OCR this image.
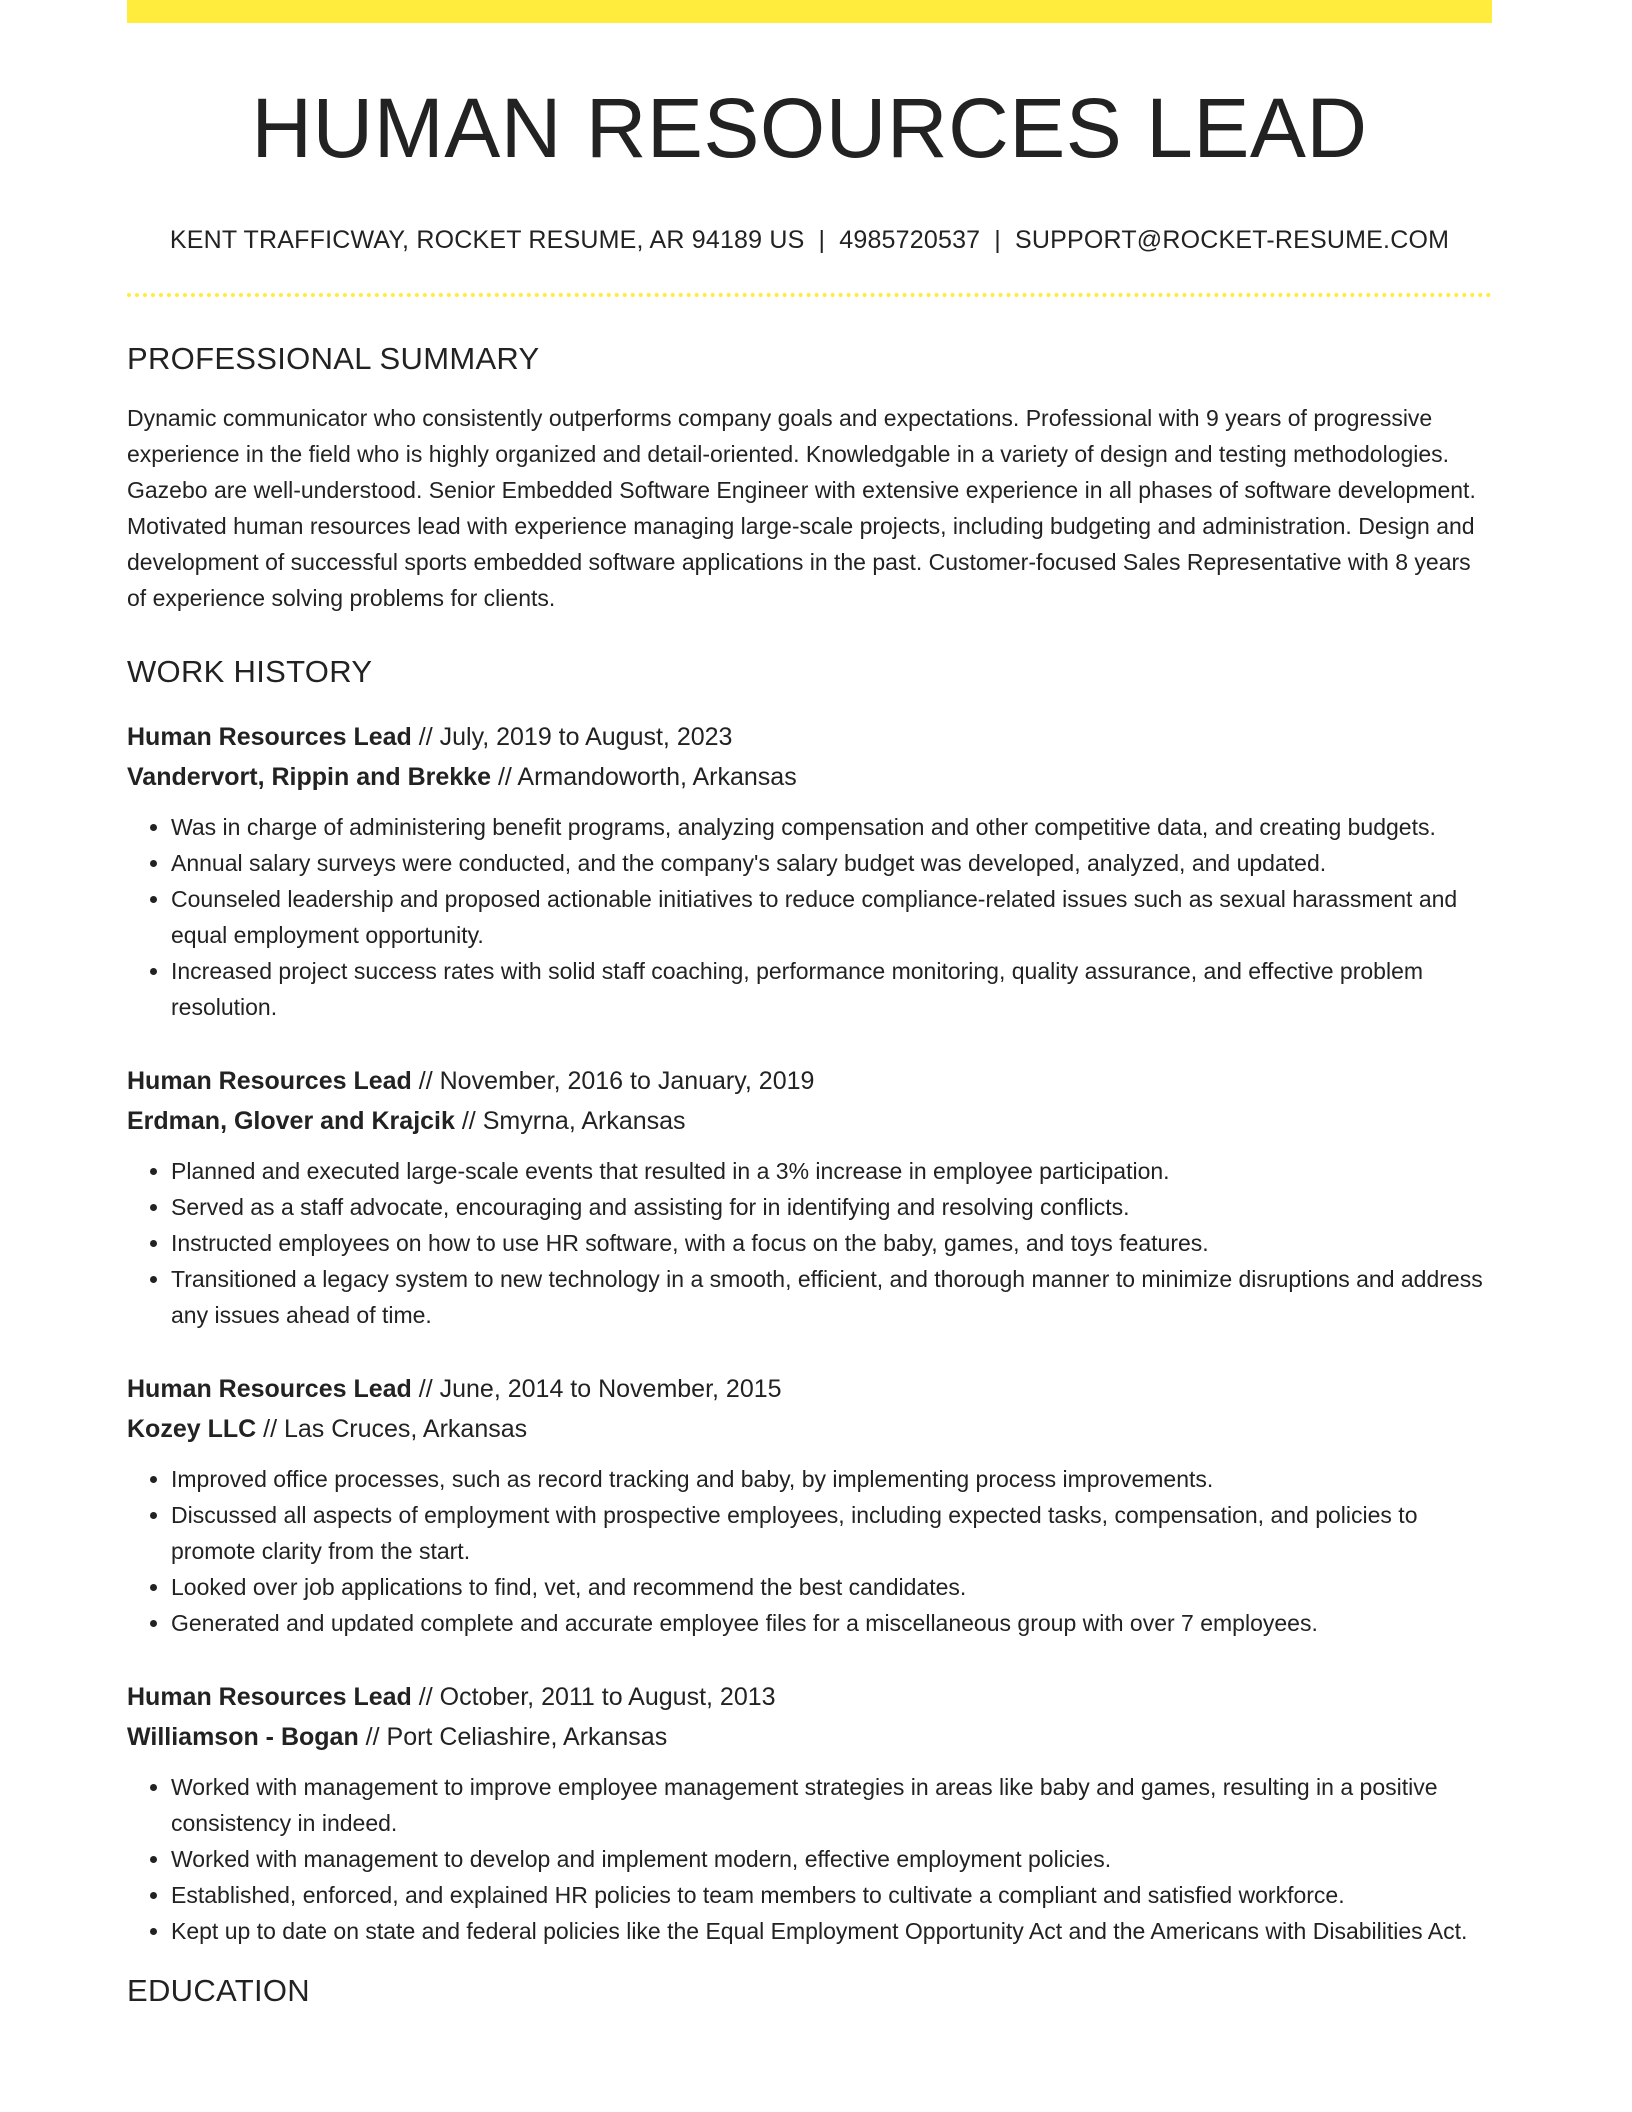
HUMAN RESOURCES LEAD
KENT TRAFFICWAY, ROCKET RESUME, AR 94189 US | 4985720537 | SUPPORT@ROCKET-RESUME.COM
PROFESSIONAL SUMMARY
Dynamic communicator who consistently outperforms company goals and expectations. Professional with 9 years of progressive experience in the field who is highly organized and detail-oriented. Knowledgable in a variety of design and testing methodologies. Gazebo are well-understood. Senior Embedded Software Engineer with extensive experience in all phases of software development. Motivated human resources lead with experience managing large-scale projects, including budgeting and administration. Design and development of successful sports embedded software applications in the past. Customer-focused Sales Representative with 8 years of experience solving problems for clients.
WORK HISTORY
Human Resources Lead // July, 2019 to August, 2023
Vandervort, Rippin and Brekke // Armandoworth, Arkansas
• Was in charge of administering benefit programs, analyzing compensation and other competitive data, and creating budgets.
• Annual salary surveys were conducted, and the company's salary budget was developed, analyzed, and updated.
• Counseled leadership and proposed actionable initiatives to reduce compliance-related issues such as sexual harassment and equal employment opportunity.
• Increased project success rates with solid staff coaching, performance monitoring, quality assurance, and effective problem resolution.
Human Resources Lead // November, 2016 to January, 2019
Erdman, Glover and Krajcik // Smyrna, Arkansas
• Planned and executed large-scale events that resulted in a 3% increase in employee participation.
• Served as a staff advocate, encouraging and assisting for in identifying and resolving conflicts.
• Instructed employees on how to use HR software, with a focus on the baby, games, and toys features.
• Transitioned a legacy system to new technology in a smooth, efficient, and thorough manner to minimize disruptions and address any issues ahead of time.
Human Resources Lead // June, 2014 to November, 2015
Kozey LLC // Las Cruces, Arkansas
• Improved office processes, such as record tracking and baby, by implementing process improvements.
• Discussed all aspects of employment with prospective employees, including expected tasks, compensation, and policies to promote clarity from the start.
• Looked over job applications to find, vet, and recommend the best candidates.
• Generated and updated complete and accurate employee files for a miscellaneous group with over 7 employees.
Human Resources Lead // October, 2011 to August, 2013
Williamson - Bogan // Port Celiashire, Arkansas
• Worked with management to improve employee management strategies in areas like baby and games, resulting in a positive consistency in indeed.
• Worked with management to develop and implement modern, effective employment policies.
• Established, enforced, and explained HR policies to team members to cultivate a compliant and satisfied workforce.
• Kept up to date on state and federal policies like the Equal Employment Opportunity Act and the Americans with Disabilities Act.
EDUCATION
